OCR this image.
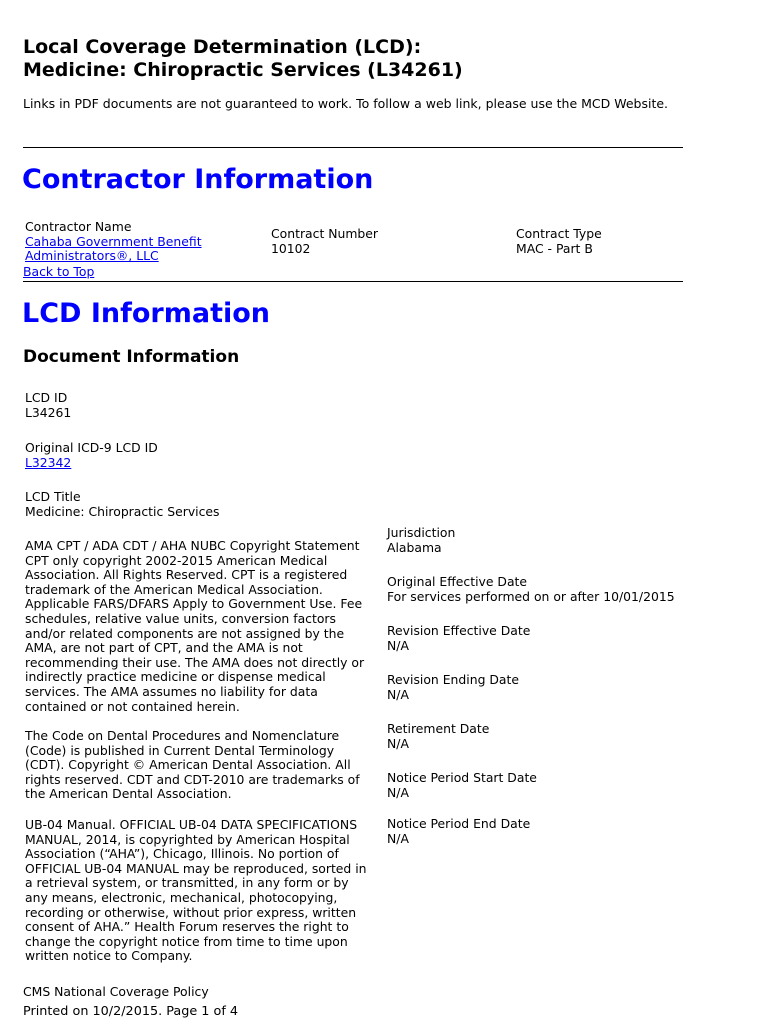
Local Coverage Determination (LCD):
Medicine: Chiropractic Services (L34261)
Links in PDF documents are not guaranteed to work. To follow a web link, please use the MCD Website.
Contractor Information
Contractor Name
Cahaba Government Benefit
Administrators®, LLC
Back to Top
Contract Number
10102
Contract Type
MAC - Part B
LCD Information
Document Information
LCD ID
L34261
Original ICD-9 LCD ID
L32342
LCD Title
Medicine: Chiropractic Services
AMA CPT / ADA CDT / AHA NUBC Copyright Statement
CPT only copyright 2002-2015 American Medical
Association. All Rights Reserved. CPT is a registered
trademark of the American Medical Association.
Applicable FARS/DFARS Apply to Government Use. Fee
schedules, relative value units, conversion factors
and/or related components are not assigned by the
AMA, are not part of CPT, and the AMA is not
recommending their use. The AMA does not directly or
indirectly practice medicine or dispense medical
services. The AMA assumes no liability for data
contained or not contained herein.
The Code on Dental Procedures and Nomenclature
(Code) is published in Current Dental Terminology
(CDT). Copyright © American Dental Association. All
rights reserved. CDT and CDT-2010 are trademarks of
the American Dental Association.
UB-04 Manual. OFFICIAL UB-04 DATA SPECIFICATIONS
MANUAL, 2014, is copyrighted by American Hospital
Association (“AHA”), Chicago, Illinois. No portion of
OFFICIAL UB-04 MANUAL may be reproduced, sorted in
a retrieval system, or transmitted, in any form or by
any means, electronic, mechanical, photocopying,
recording or otherwise, without prior express, written
consent of AHA.” Health Forum reserves the right to
change the copyright notice from time to time upon
written notice to Company.
Jurisdiction
Alabama
Original Effective Date
For services performed on or after 10/01/2015
Revision Effective Date
N/A
Revision Ending Date
N/A
Retirement Date
N/A
Notice Period Start Date
N/A
Notice Period End Date
N/A
CMS National Coverage Policy
Printed on 10/2/2015. Page 1 of 4
